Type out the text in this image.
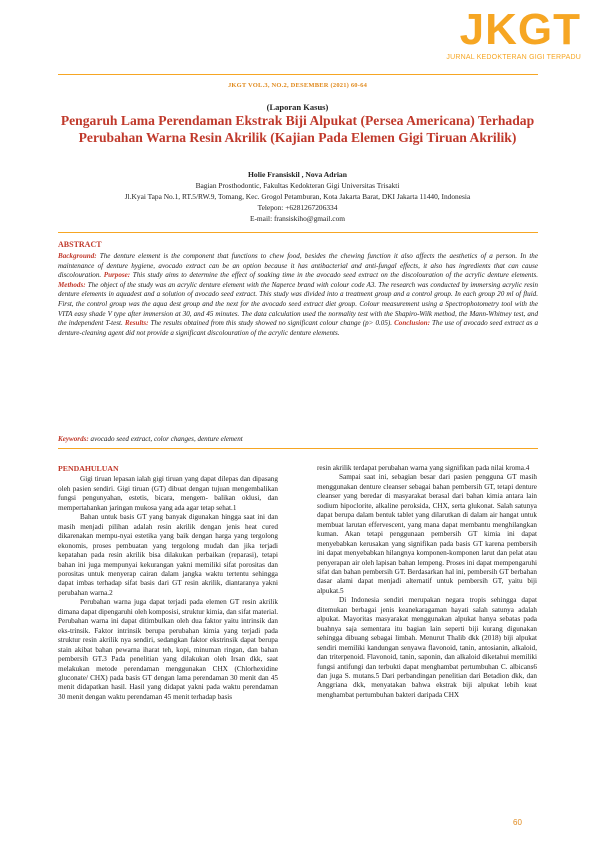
JKGT
JURNAL KEDOKTERAN GIGI TERPADU
JKGT VOL.3, NO.2, DESEMBER (2021) 60-64
(Laporan Kasus)
Pengaruh Lama Perendaman Ekstrak Biji Alpukat (Persea Americana) Terhadap Perubahan Warna Resin Akrilik (Kajian Pada Elemen Gigi Tiruan Akrilik)
Holie Fransiskil , Nova Adrian
Bagian Prosthodontic, Fakultas Kedokteran Gigi Universitas Trisakti
Jl.Kyai Tapa No.1, RT.5/RW.9, Tomang, Kec. Grogol Petamburan, Kota Jakarta Barat, DKI Jakarta 11440, Indonesia
Telepon: +6281267206334
E-mail: fransiskiho@gmail.com
ABSTRACT

Background: The denture element is the component that functions to chew food, besides the chewing function it also affects the aesthetics of a person. In the maintenance of denture hygiene, avocado extract can be an option because it has antibacterial and anti-fungal effects, it also has ingredients that can cause discolouration. Purpose: This study aims to determine the effect of soaking time in the avocado seed extract on the discolouration of the acrylic denture elements. Methods: The object of the study was an acrylic denture element with the Naperce brand with colour code A3. The research was conducted by immersing acrylic resin denture elements in aquadest and a solution of avocado seed extract. This study was divided into a treatment group and a control group. In each group 20 ml of fluid. First, the control group was the aqua dest group and the next for the avocado seed extract diet group. Colour measurement using a Spectrophotometry tool with the VITA easy shade V type after immersion at 30, and 45 minutes. The data calculation used the normality test with the Shapiro-Wilk method, the Mann-Whitney test, and the independent T-test. Results: The results obtained from this study showed no significant colour change (p> 0.05). Conclusion: The use of avocado seed extract as a denture-cleaning agent did not provide a significant discolouration of the acrylic denture elements.

Keywords: avocado seed extract, color changes, denture element
PENDAHULUAN

Gigi tiruan lepasan ialah gigi tiruan yang dapat dilepas dan dipasang oleh pasien sendiri. Gigi tiruan (GT) dibuat dengan tujuan mengembalikan fungsi pengunyahan, estetis, bicara, mengem- balikan oklusi, dan mempertahankan jaringan mukosa yang ada agar tetap sehat.1

Bahan untuk basis GT yang banyak digunakan hingga saat ini dan masih menjadi pilihan adalah resin akrilik dengan jenis heat cured dikarenakan mempu-nyai estetika yang baik dengan harga yang tergolong ekonomis, proses pembuatan yang tergolong mudah dan jika terjadi kepatahan pada resin akrilik bisa dilakukan perbaikan (reparasi), tetapi bahan ini juga mempunyai kekurangan yakni memiliki sifat porositas dan porositas untuk menyerap cairan dalam jangka waktu tertentu sehingga dapat imbas terhadap sifat basis dari GT resin akrilik, diantaranya yakni perubahan warna.2

Perubahan warna juga dapat terjadi pada elemen GT resin akrilik dimana dapat dipengaruhi oleh komposisi, struktur kimia, dan sifat material. Perubahan warna ini dapat ditimbulkan oleh dua faktor yaitu intrinsik dan eks-trinsik. Faktor intrinsik berupa perubahan kimia yang terjadi pada struktur resin akrilik nya sendiri, sedangkan faktor ekstrinsik dapat berupa stain akibat bahan pewarna iharat teh, kopi, minuman ringan, dan bahan pembersih GT.3 Pada penelitian yang dilakukan oleh Irsan dkk, saat melakukan metode perendaman menggunakan CHX (Chlorhexidine gluconate/ CHX) pada basis GT dengan lama perendaman 30 menit dan 45 menit didapatkan hasil. Hasil yang didapat yakni pada waktu perendaman 30 menit dengan waktu perendaman 45 menit terhadap basis

resin akrilik terdapat perubahan warna yang signifikan pada nilai kroma.4

Sampai saat ini, sebagian besar dari pasien pengguna GT masih menggunakan denture cleanser sebagai bahan pembersih GT, tetapi denture cleanser yang beredar di masyarakat berasal dari bahan kimia antara lain sodium hipoclorite, alkaline peroksida, CHX, serta glukonat. Salah satunya dapat berupa dalam bentuk tablet yang dilarutkan di dalam air hangat untuk membuat larutan effervescent, yang mana dapat membantu menghilangkan kuman. Akan tetapi penggunaan pembersih GT kimia ini dapat menyebabkan kerusakan yang signifikan pada basis GT karena pembersih ini dapat menyebabkan hilangnya komponen-komponen larut dan pelat atau penyerapan air oleh lapisan bahan lempeng. Proses ini dapat mempengaruhi sifat dan bahan pembersih GT. Berdasarkan hal ini, pembersih GT berbahan dasar alami dapat menjadi alternatif untuk pembersih GT, yaitu biji alpukat.5

Di Indonesia sendiri merupakan negara tropis sehingga dapat ditemukan berbagai jenis keanekaragaman hayati salah satunya adalah alpukat. Mayoritas masyarakat menggunakan alpukat hanya sebatas pada buahnya saja sementara itu bagian lain seperti biji kurang digunakan sehingga dibuang sebagai limbah. Menurut Thalib dkk (2018) biji alpukat sendiri memiliki kandungan senyawa flavonoid, tanin, antosianin, alkaloid, dan triterpenoid. Flavonoid, tanin, saponin, dan alkaloid diketahui memiliki fungsi antifungi dan terbukti dapat menghambat pertumbuhan C. albicans6 dan juga S. mutans.5 Dari perbandingan penelitian dari Betadion dkk, dan Anggriana dkk, menyatakan bahwa ekstrak biji alpukat lebih kuat menghambat pertumbuhan bakteri daripada CHX

60
